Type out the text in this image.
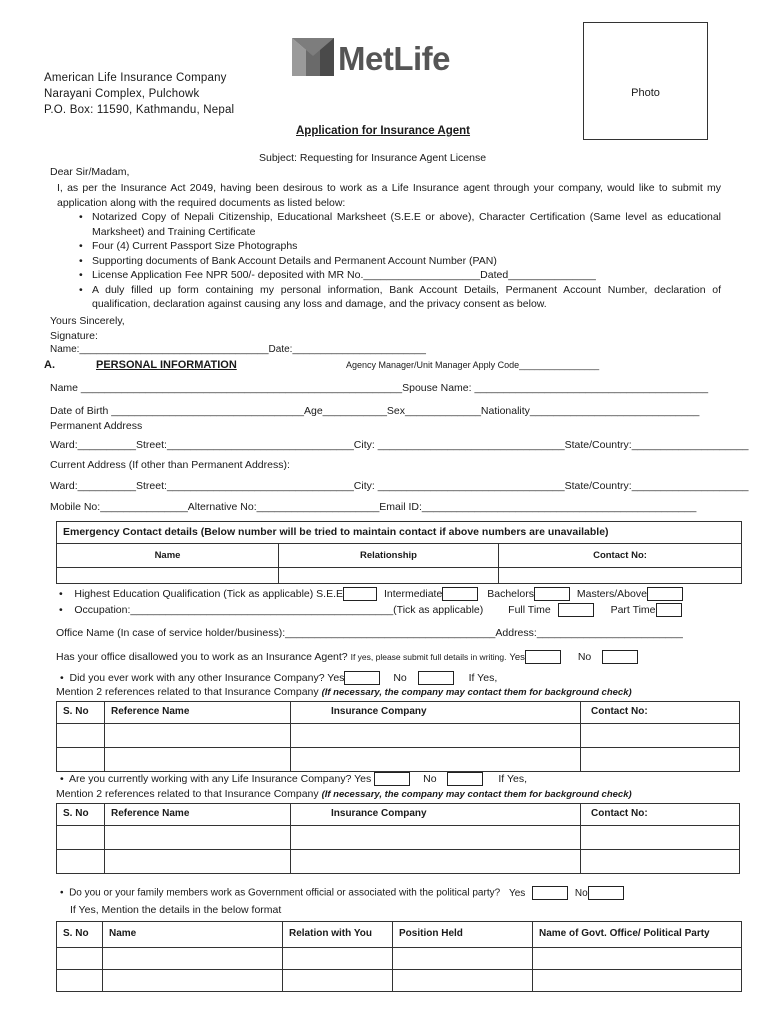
American Life Insurance Company
Narayani Complex, Pulchowk
P.O. Box: 11590, Kathmandu, Nepal
MetLife
Photo
Application for Insurance Agent
Subject: Requesting for Insurance Agent License
Dear Sir/Madam,
I, as per the Insurance Act 2049, having been desirous to work as a Life Insurance agent through your company, would like to submit my application along with the required documents as listed below:
• Notarized Copy of Nepali Citizenship, Educational Marksheet (S.E.E or above), Character Certification (Same level as educational Marksheet) and Training Certificate
• Four (4) Current Passport Size Photographs
• Supporting documents of Bank Account Details and Permanent Account Number (PAN)
• License Application Fee NPR 500/- deposited with MR No.____________________Dated_______________
• A duly filled up form containing my personal information, Bank Account Details, Permanent Account Number, declaration of qualification, declaration against causing any loss and damage, and the privacy consent as below.
Yours Sincerely,
Signature:
Name:__________________________________Date:________________________
A.	PERSONAL INFORMATION	Agency Manager/Unit Manager Apply Code________________
Name _______________________________________________________Spouse Name: ________________________________________
Date of Birth _________________________________Age___________Sex_____________Nationality_____________________________
Permanent Address
Ward:__________Street:________________________________City: ________________________________State/Country:____________________
Current Address (If other than Permanent Address):
Ward:__________Street:________________________________City: ________________________________State/Country:____________________
Mobile No:_______________Alternative No:_____________________Email ID:_______________________________________________
Emergency Contact details (Below number will be tried to maintain contact if above numbers are unavailable)		
Name	Relationship	Contact No:

•    Highest Education Qualification (Tick as applicable) S.E.E	Intermediate	Bachelors	Masters/Above
•    Occupation:_____________________________________________(Tick as applicable) Full Time	Part Time
Office Name (In case of service holder/business):____________________________________Address:_________________________
Has your office disallowed you to work as an Insurance Agent? If yes, please submit full details in writing. Yes	No
•  Did you ever work with any other Insurance Company? Yes	No	If Yes,
Mention 2 references related to that Insurance Company (If necessary, the company may contact them for background check)
S. No	Reference Name	Insurance Company	Contact No:

•  Are you currently working with any Life Insurance Company? Yes	No	If Yes,
Mention 2 references related to that Insurance Company (If necessary, the company may contact them for background check)
S. No	Reference Name	Insurance Company	Contact No:

•  Do you or your family members work as Government official or associated with the political party? Yes	No
If Yes, Mention the details in the below format
S. No	Name	Relation with You	Position Held	Name of Govt. Office/ Political Party
